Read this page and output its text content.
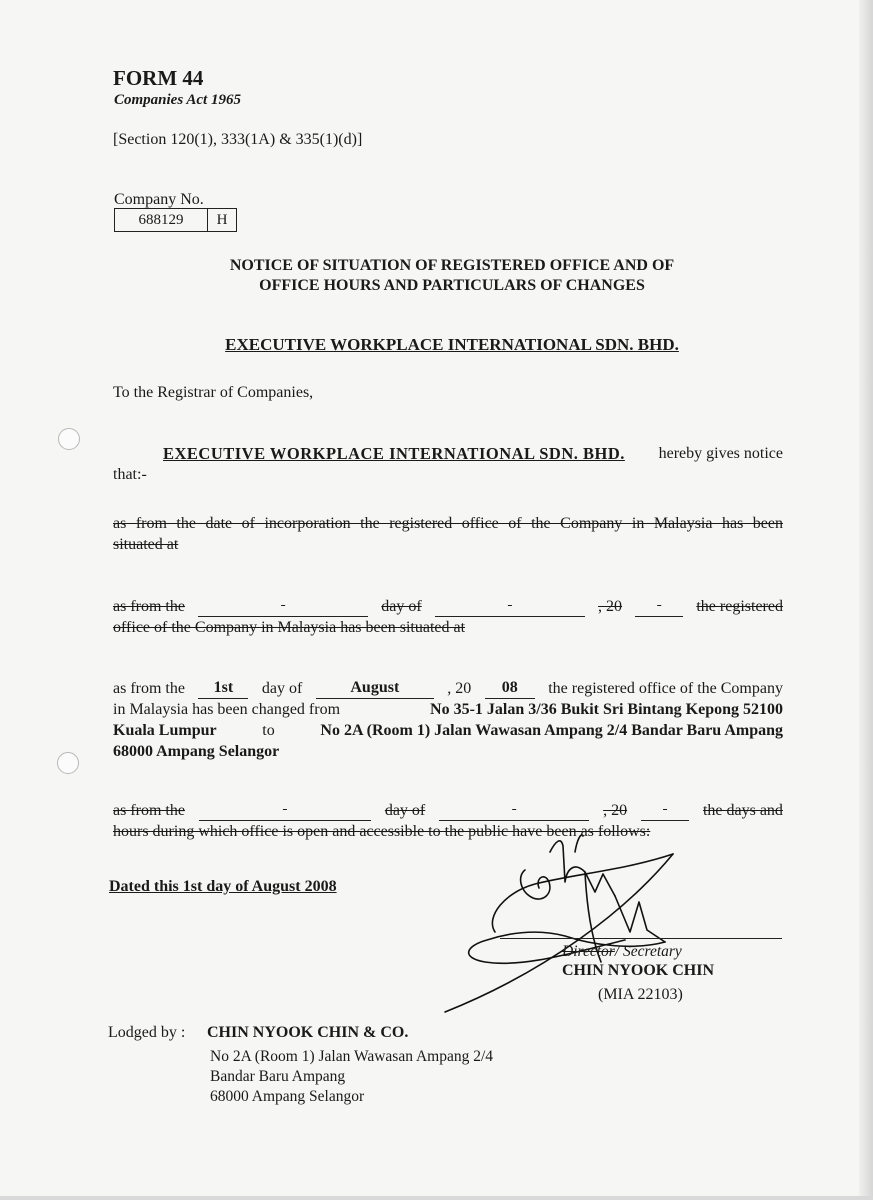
FORM 44
Companies Act 1965
[Section 120(1), 333(1A) & 335(1)(d)]
Company No.
688129	H
NOTICE OF SITUATION OF REGISTERED OFFICE AND OF
OFFICE HOURS AND PARTICULARS OF CHANGES
EXECUTIVE WORKPLACE INTERNATIONAL SDN. BHD.
To the Registrar of Companies,
EXECUTIVE WORKPLACE INTERNATIONAL SDN. BHD. hereby gives notice
that:-
as from the date of incorporation the registered office of the Company in Malaysia has been
situated at
as from the
	day of
	, 20
	the registered
office of the Company in Malaysia has been situated at
as from the	1st	day of	August	, 20	08	the registered office of the Company
in Malaysia has been changed from	No 35-1 Jalan 3/36 Bukit Sri Bintang Kepong 52100
Kuala Lumpur	to	No 2A (Room 1) Jalan Wawasan Ampang 2/4 Bandar Baru Ampang
68000 Ampang Selangor
as from the
	day of
	, 20
	the days and
hours during which office is open and accessible to the public have been as follows:
Dated this 1st day of August 2008
Director/ Secretary
CHIN NYOOK CHIN
(MIA 22103)
Lodged by : CHIN NYOOK CHIN & CO.
No 2A (Room 1) Jalan Wawasan Ampang 2/4
Bandar Baru Ampang
68000 Ampang Selangor
